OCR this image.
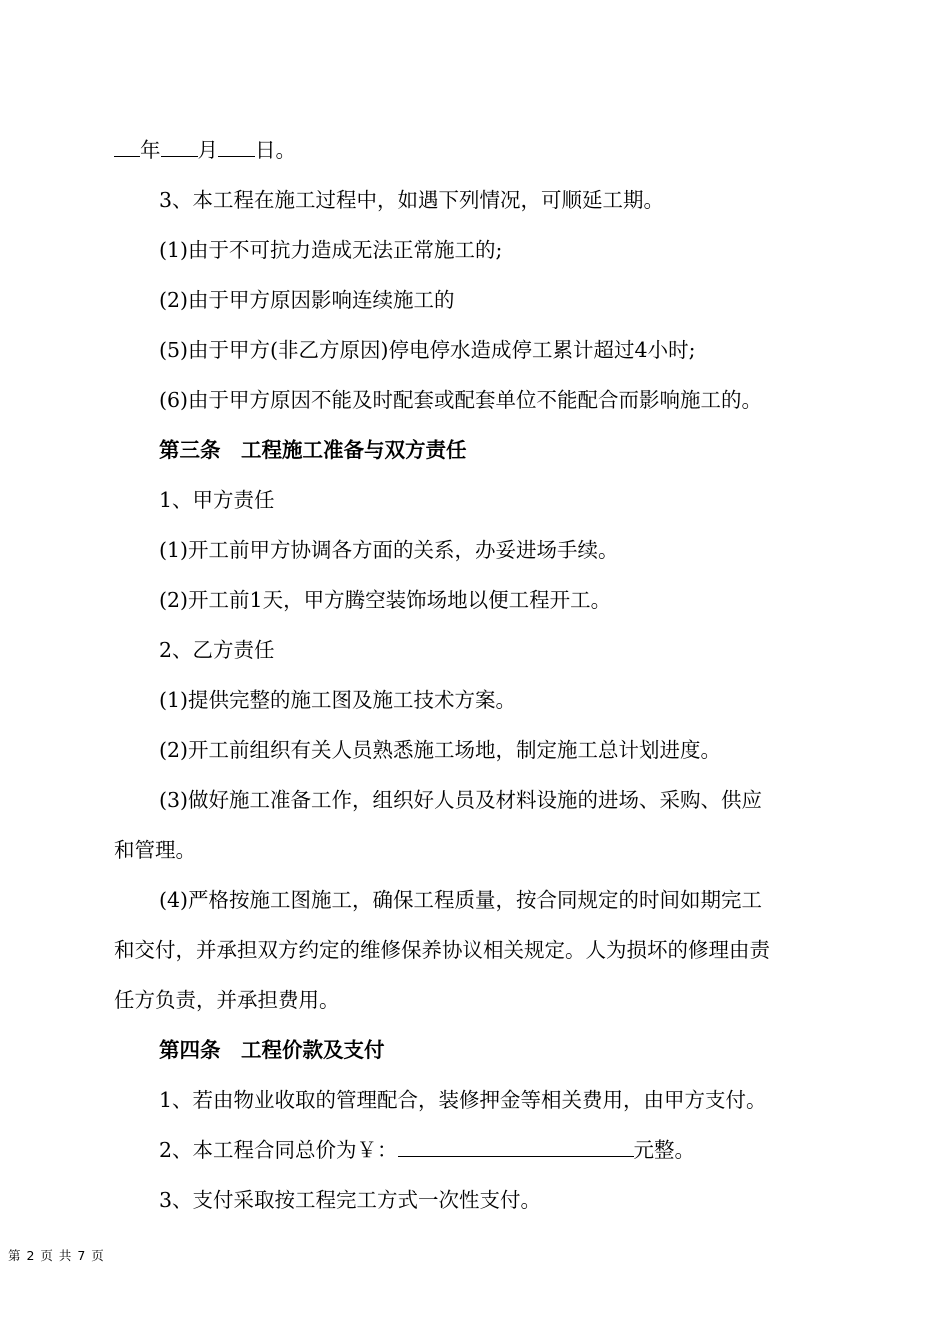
年 月 日。
3、本工程在施工过程中，如遇下列情况，可顺延工期。
(1)由于不可抗力造成无法正常施工的;
(2)由于甲方原因影响连续施工的
(5)由于甲方(非乙方原因)停电停水造成停工累计超过4小时;
(6)由于甲方原因不能及时配套或配套单位不能配合而影响施工的。
第三条　工程施工准备与双方责任
1、甲方责任
(1)开工前甲方协调各方面的关系，办妥进场手续。
(2)开工前1天，甲方腾空装饰场地以便工程开工。
2、乙方责任
(1)提供完整的施工图及施工技术方案。
(2)开工前组织有关人员熟悉施工场地，制定施工总计划进度。
(3)做好施工准备工作，组织好人员及材料设施的进场、采购、供应
和管理。
(4)严格按施工图施工，确保工程质量，按合同规定的时间如期完工
和交付，并承担双方约定的维修保养协议相关规定。人为损坏的修理由责
任方负责，并承担费用。
第四条　工程价款及支付
1、若由物业收取的管理配合，装修押金等相关费用，由甲方支付。
2、本工程合同总价为￥：	元整。
3、支付采取按工程完工方式一次性支付。
第 2 页 共 7 页
